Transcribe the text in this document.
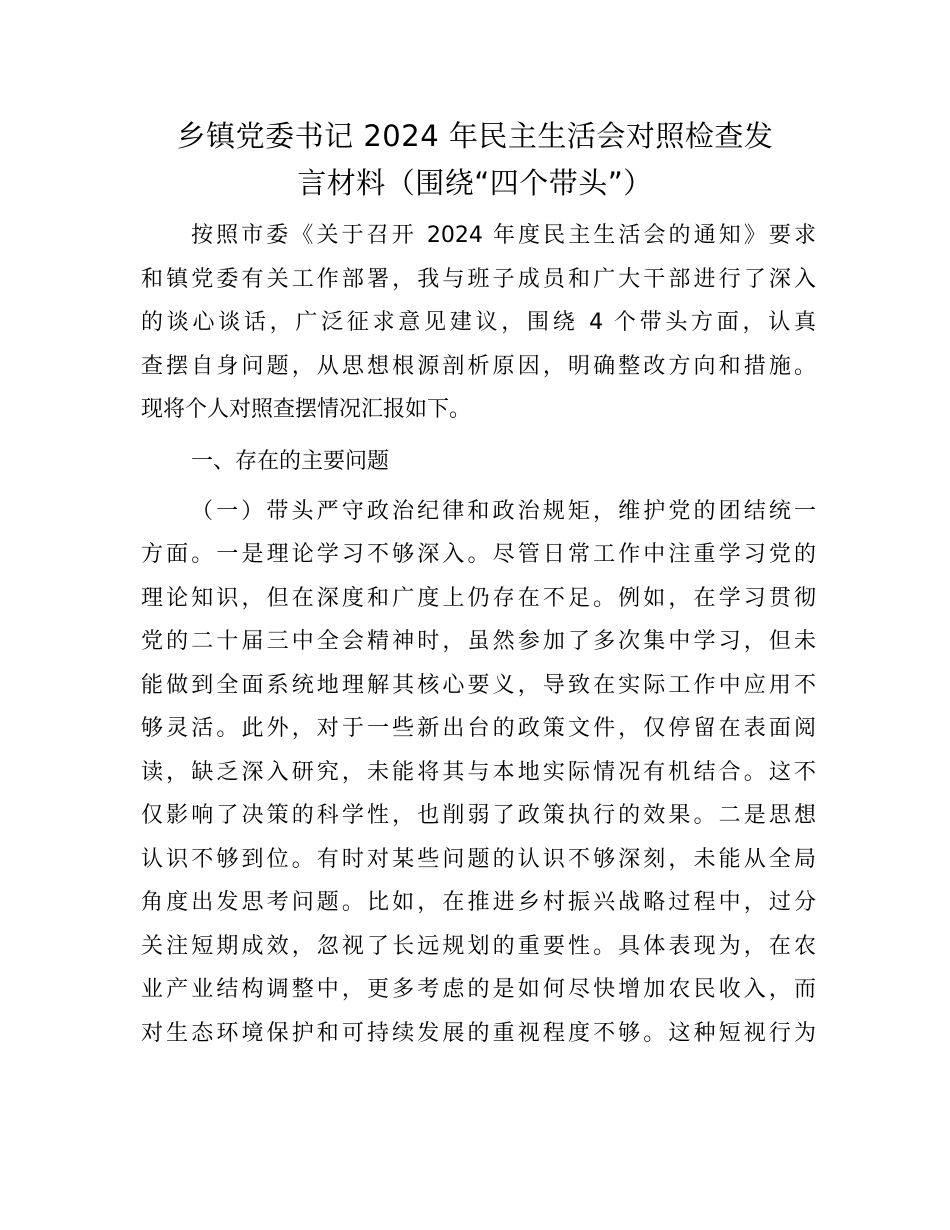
乡镇党委书记 2024 年民主生活会对照检查发
言材料（围绕“四个带头”）
按照市委《关于召开 2024 年度民主生活会的通知》要求
和镇党委有关工作部署，我与班子成员和广大干部进行了深入
的谈心谈话，广泛征求意见建议，围绕 4 个带头方面，认真
查摆自身问题，从思想根源剖析原因，明确整改方向和措施。
现将个人对照查摆情况汇报如下。
一、存在的主要问题
（一）带头严守政治纪律和政治规矩，维护党的团结统一
方面。一是理论学习不够深入。尽管日常工作中注重学习党的
理论知识，但在深度和广度上仍存在不足。例如，在学习贯彻
党的二十届三中全会精神时，虽然参加了多次集中学习，但未
能做到全面系统地理解其核心要义，导致在实际工作中应用不
够灵活。此外，对于一些新出台的政策文件，仅停留在表面阅
读，缺乏深入研究，未能将其与本地实际情况有机结合。这不
仅影响了决策的科学性，也削弱了政策执行的效果。二是思想
认识不够到位。有时对某些问题的认识不够深刻，未能从全局
角度出发思考问题。比如，在推进乡村振兴战略过程中，过分
关注短期成效，忽视了长远规划的重要性。具体表现为，在农
业产业结构调整中，更多考虑的是如何尽快增加农民收入，而
对生态环境保护和可持续发展的重视程度不够。这种短视行为
